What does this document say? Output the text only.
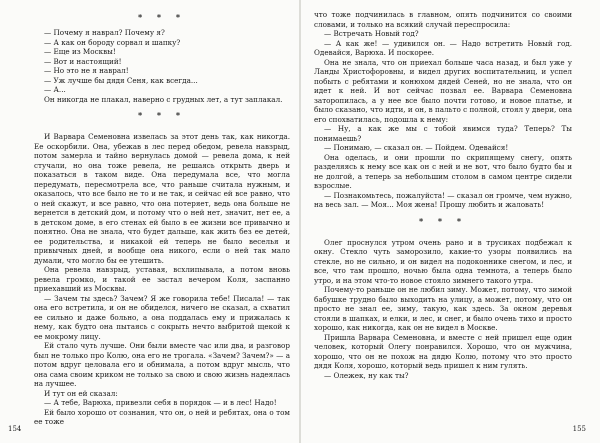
* * *

— Почему я наврал? Почему я?

— А как он бороду сорвал и шапку?

— Еще из Москвы!

— Вот и настоящий!

— Но это не я наврал!

— Уж лучше бы дядя Сеня, как всегда...

— А...

Он никогда не плакал, наверно с грудных лет, а тут заплакал.

* * *

И Варвара Семеновна извелась за этот день так, как никогда. Ее оскорбили. Она, убежав в лес перед обедом, ревела навзрыд, потом замерла и тайно вернулась домой — ревела дома, к ней стучали, но она тоже ревела, не решаясь открыть дверь и показаться в таком виде. Она передумала все, что могла передумать, пересмотрела все, что раньше считала нужным, и оказалось, что все было не то и не так, и сейчас ей все равно, что о ней скажут, и все равно, что она потеряет, ведь она больше не вернется в детский дом, и потому что о ней нет, значит, нет ее, а в детском доме, в его стенах ей было в ее жизни все привычно и понятно. Она не знала, что будет дальше, как жить без ее детей, ее родительства, и никакой ей теперь не было веселья и привычных дней, и вообще она никого, если о ней так мало думали, что могло бы ее утешить.

Она ревела навзрыд, уставая, всхлипывала, а потом вновь ревела громко, и такой ее застал вечером Коля, заспанно приехавший из Москвы.

— Зачем ты здесь? Зачем? Я же говорила тебе! Писала! — так она его встретила, и он не обиделся, ничего не сказал, а схватил ее сильно и даже больно, а она поддалась ему и прижалась к нему, как будто она пытаясь с сокрыть нечто выбритой щекой к ее мокрому лицу.

Ей стало чуть лучше. Они были вместе час или два, и разговор был не только про Колю, она его не трогала. «Зачем? Зачем?» — а потом вдруг целовала его и обнимала, а потом вдруг мысль, что она сама своим криком не только за свою и свою жизнь надеялась на лучшее.

И тут он ей сказал:

— А тебе, Варюха, привезли себя в порядок — и в лес! Надо!

Ей было хорошо от сознания, что он, о ней и ребятах, она о том ее тоже

154

что тоже подчинилась в главном, опять подчинится со своими словами, и только на всякий случай переспросила:

— Встречать Новый год?

— А как же! — удивился он. — Надо встретить Новый год. Одевайся, Варюха. И поскорее.

Она не знала, что он приехал больше часа назад, и был уже у Ланды Христофоровны, и видел других воспитательниц, и успел побыть с ребятами и конюхом дядей Сеней, но не знала, что он идет к ней. И вот сейчас позвал ее. Варвара Семеновна заторопилась, а у нее все было почти готово, и новое платье, и было сказано, что идти, и он, в пальто с полной, стоял у двери, она его спохватилась, подошла к нему:

— Ну, а как же мы с тобой явимся туда? Теперь? Ты понимаешь?

— Понимаю, — сказал он. — Пойдем. Одевайся!

Она оделась, и они прошли по скрипящему снегу, опять разделяясь к нему все как он с ней и не вот, что было будто бы и не долгой, а теперь за небольшим столом в самом центре сидели взрослые.

— Познакомьтесь, пожалуйста! — сказал он громче, чем нужно, на весь зал. — Моя... Моя жена! Прошу любить и жаловать!

* * *

Олег проснулся утром очень рано и в трусиках подбежал к окну. Стекло чуть заморозило, какие-то узоры появились на стекле, но не сильно, и он видел на подоконнике снегом, и лес, и все, что там прошло, ночью была одна темнота, а теперь было утро, и на этом что-то новое стояло зимнего такого утра.

Почему-то раньше он не любил зиму. Может, потому, что зимой бабушке трудно было выходить на улицу, а может, потому, что он просто не знал ее, зиму, такую, как здесь. За окном деревья стояли в шапках, и елки, и лес, и снег, и было очень тихо и просто хорошо, как никогда, как он не видел в Москве.

Пришла Варвара Семеновна, и вместе с ней пришел еще один человек, который Олегу понравился. Хорошо, что он мужчина, хорошо, что он не похож на дядю Колю, потому что это просто дядя Коля, хорошо, который ведь пришел к ним гулять.

— Олежек, ну как ты?

155
